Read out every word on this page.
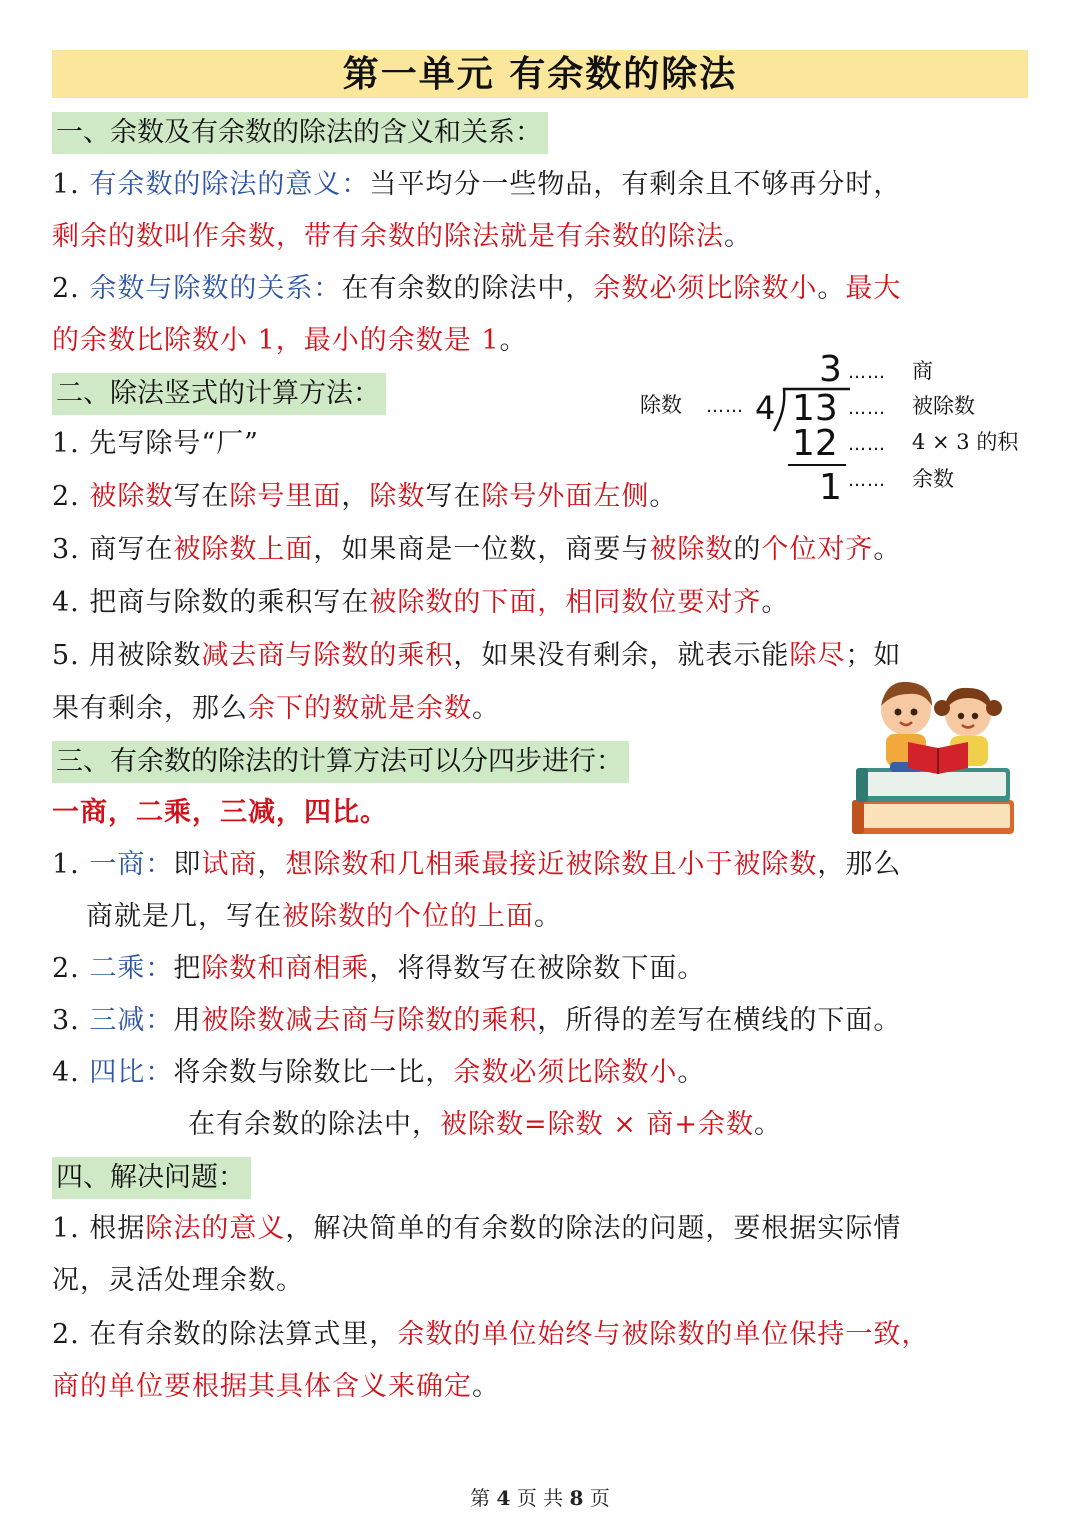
第一单元 有余数的除法
一、余数及有余数的除法的含义和关系：
1. 有余数的除法的意义：当平均分一些物品，有剩余且不够再分时，
剩余的数叫作余数，带有余数的除法就是有余数的除法。
2. 余数与除数的关系：在有余数的除法中，余数必须比除数小。最大
的余数比除数小 1，最小的余数是 1。
二、除法竖式的计算方法：
1. 先写除号“厂”
2. 被除数写在除号里面，除数写在除号外面左侧。
3. 商写在被除数上面，如果商是一位数，商要与被除数的个位对齐。
4. 把商与除数的乘积写在被除数的下面，相同数位要对齐。
5. 用被除数减去商与除数的乘积，如果没有剩余，就表示能除尽；如
果有剩余，那么余下的数就是余数。
3 …… 商
除数 …… 4 13 …… 被除数
12 …… 4 × 3 的积
1 …… 余数
三、有余数的除法的计算方法可以分四步进行：
一商，二乘，三减，四比。
1. 一商：即试商，想除数和几相乘最接近被除数且小于被除数，那么
商就是几，写在被除数的个位的上面。
2. 二乘：把除数和商相乘，将得数写在被除数下面。
3. 三减：用被除数减去商与除数的乘积，所得的差写在横线的下面。
4. 四比：将余数与除数比一比，余数必须比除数小。
在有余数的除法中，被除数=除数 × 商+余数。
四、解决问题：
1. 根据除法的意义，解决简单的有余数的除法的问题，要根据实际情
况，灵活处理余数。
2. 在有余数的除法算式里，余数的单位始终与被除数的单位保持一致，
商的单位要根据其具体含义来确定。
第 4 页 共 8 页
